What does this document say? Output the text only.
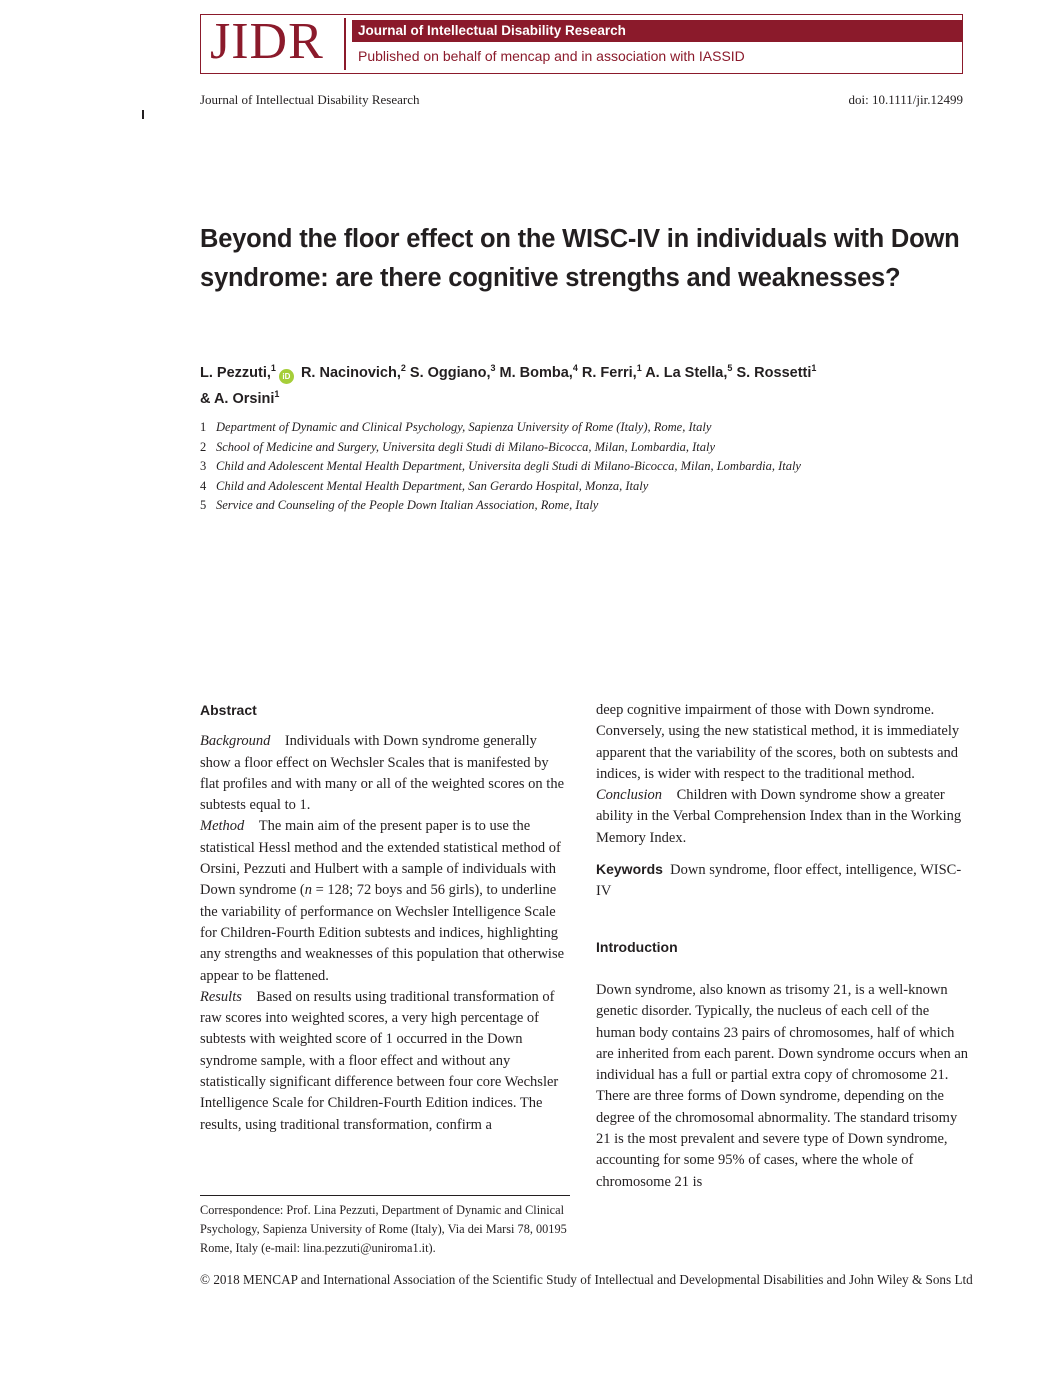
JIDR	Journal of Intellectual Disability Research
Published on behalf of mencap and in association with IASSID
Journal of Intellectual Disability Research	doi: 10.1111/jir.12499
Beyond the floor effect on the WISC-IV in individuals with Down syndrome: are there cognitive strengths and weaknesses?
L. Pezzuti,$^1$iD R. Nacinovich,$^2$ S. Oggiano,$^3$ M. Bomba,$^4$ R. Ferri,$^1$ A. La Stella,$^5$ S. Rossetti$^1$
& A. Orsini$^1$
1 Department of Dynamic and Clinical Psychology, Sapienza University of Rome (Italy), Rome, Italy
2 School of Medicine and Surgery, Universita degli Studi di Milano-Bicocca, Milan, Lombardia, Italy
3 Child and Adolescent Mental Health Department, Universita degli Studi di Milano-Bicocca, Milan, Lombardia, Italy
4 Child and Adolescent Mental Health Department, San Gerardo Hospital, Monza, Italy
5 Service and Counseling of the People Down Italian Association, Rome, Italy

Abstract

Background Individuals with Down syndrome generally show a floor effect on Wechsler Scales that is manifested by flat profiles and with many or all of the weighted scores on the subtests equal to 1.

Method The main aim of the present paper is to use the statistical Hessl method and the extended statistical method of Orsini, Pezzuti and Hulbert with a sample of individuals with Down syndrome (n = 128; 72 boys and 56 girls), to underline the variability of performance on Wechsler Intelligence Scale for Children-Fourth Edition subtests and indices, highlighting any strengths and weaknesses of this population that otherwise appear to be flattened.

Results Based on results using traditional transformation of raw scores into weighted scores, a very high percentage of subtests with weighted score of 1 occurred in the Down syndrome sample, with a floor effect and without any statistically significant difference between four core Wechsler Intelligence Scale for Children-Fourth Edition indices. The results, using traditional transformation, confirm a

deep cognitive impairment of those with Down syndrome. Conversely, using the new statistical method, it is immediately apparent that the variability of the scores, both on subtests and indices, is wider with respect to the traditional method.

Conclusion Children with Down syndrome show a greater ability in the Verbal Comprehension Index than in the Working Memory Index.

Keywords Down syndrome, floor effect, intelligence, WISC-IV

Introduction

Down syndrome, also known as trisomy 21, is a well-known genetic disorder. Typically, the nucleus of each cell of the human body contains 23 pairs of chromosomes, half of which are inherited from each parent. Down syndrome occurs when an individual has a full or partial extra copy of chromosome 21. There are three forms of Down syndrome, depending on the degree of the chromosomal abnormality. The standard trisomy 21 is the most prevalent and severe type of Down syndrome, accounting for some 95% of cases, where the whole of chromosome 21 is

Correspondence: Prof. Lina Pezzuti, Department of Dynamic and Clinical Psychology, Sapienza University of Rome (Italy), Via dei Marsi 78, 00195 Rome, Italy (e-mail: lina.pezzuti@uniroma1.it).
© 2018 MENCAP and International Association of the Scientific Study of Intellectual and Developmental Disabilities and John Wiley & Sons Ltd
